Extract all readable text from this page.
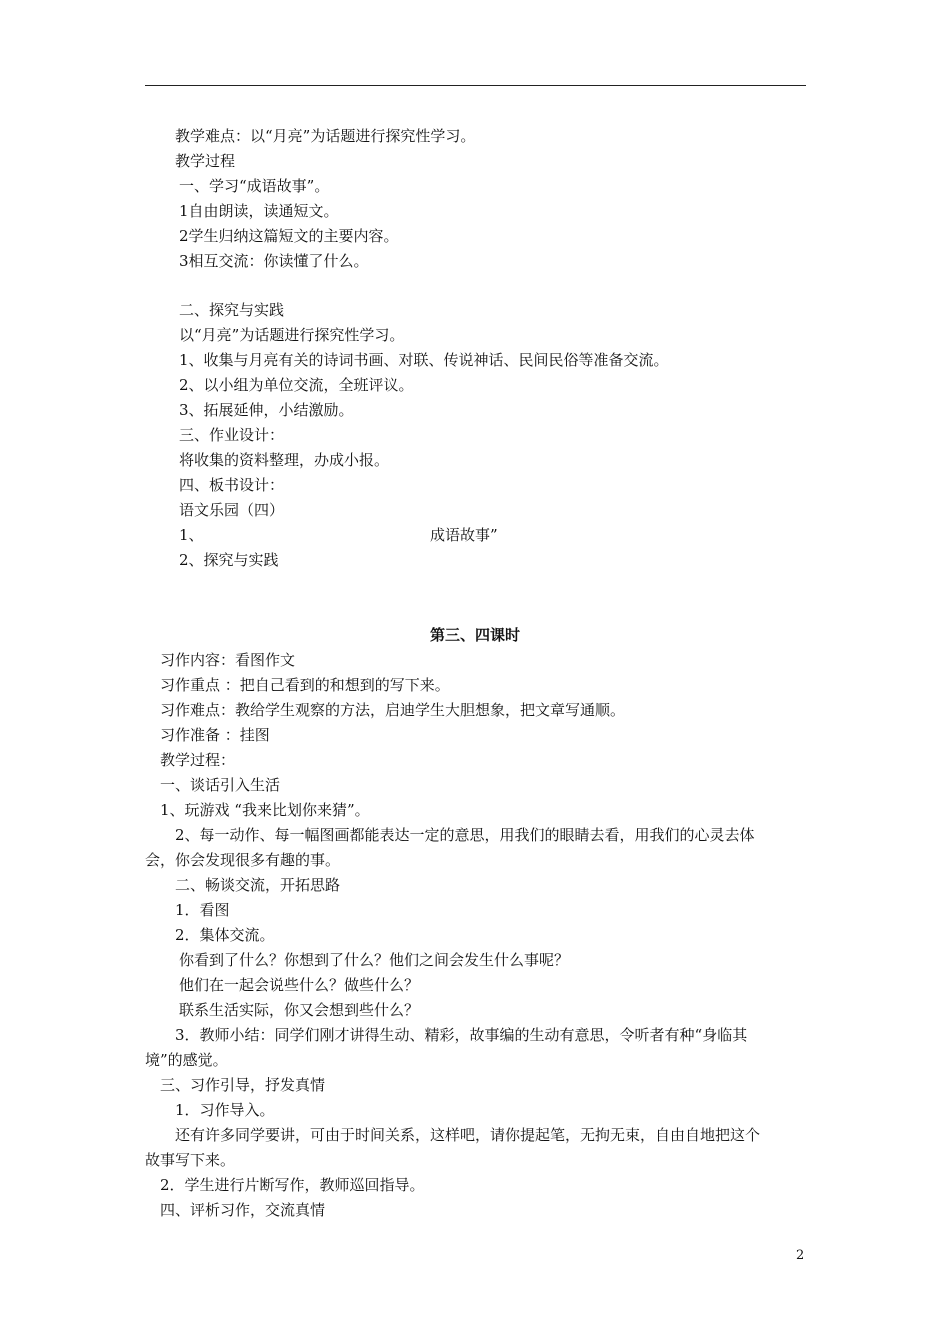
教学难点：以“月亮”为话题进行探究性学习。
教学过程
一、学习“成语故事”。
1自由朗读，读通短文。
2学生归纳这篇短文的主要内容。
3相互交流：你读懂了什么。
二、探究与实践
以“月亮”为话题进行探究性学习。
1、收集与月亮有关的诗词书画、对联、传说神话、民间民俗等准备交流。
2、以小组为单位交流，全班评议。
3、拓展延伸，小结激励。
三、作业设计：
将收集的资料整理，办成小报。
四、板书设计：
语文乐园（四）
1、	成语故事”
2、探究与实践
第三、四课时
习作内容：看图作文
习作重点 ：把自己看到的和想到的写下来。
习作难点：教给学生观察的方法，启迪学生大胆想象，把文章写通顺。
习作准备 ：挂图
教学过程：
一、谈话引入生活
1、玩游戏 “我来比划你来猜”。
2、每一动作、每一幅图画都能表达一定的意思，用我们的眼睛去看，用我们的心灵去体
会，你会发现很多有趣的事。
二、畅谈交流，开拓思路
1．看图
2．集体交流。
你看到了什么？你想到了什么？他们之间会发生什么事呢？
他们在一起会说些什么？做些什么？
联系生活实际，你又会想到些什么？
3．教师小结：同学们刚才讲得生动、精彩，故事编的生动有意思，令听者有种“身临其
境”的感觉。
三、习作引导，抒发真情
1．习作导入。
还有许多同学要讲，可由于时间关系，这样吧，请你提起笔，无拘无束，自由自地把这个
故事写下来。
2．学生进行片断写作，教师巡回指导。
四、评析习作，交流真情
2
